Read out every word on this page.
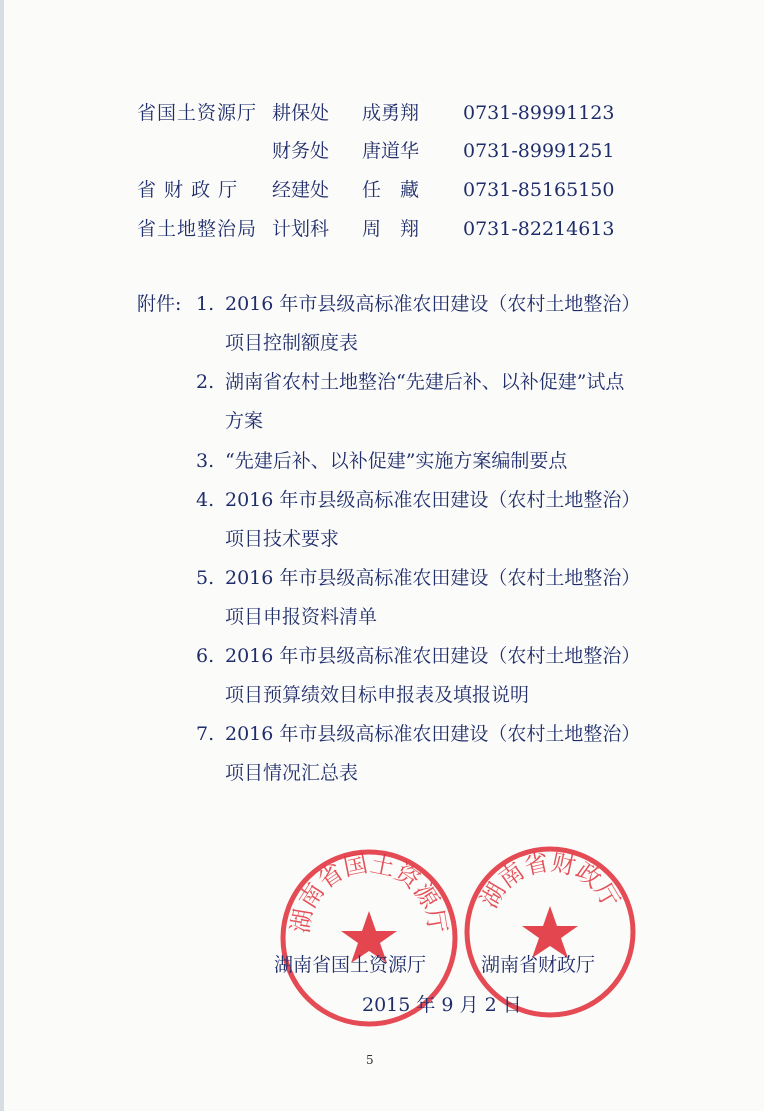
省国土资源厅 耕保处 成勇翔 0731-89991123
财务处 唐道华 0731-89991251
省 财 政 厅 经建处 任　藏 0731-85165150
省土地整治局 计划科 周　翔 0731-82214613
附件: 1. 2016 年市县级高标准农田建设（农村土地整治）
项目控制额度表
2. 湖南省农村土地整治“先建后补、以补促建”试点
方案
3. “先建后补、以补促建”实施方案编制要点
4. 2016 年市县级高标准农田建设（农村土地整治）
项目技术要求
5. 2016 年市县级高标准农田建设（农村土地整治）
项目申报资料清单
6. 2016 年市县级高标准农田建设（农村土地整治）
项目预算绩效目标申报表及填报说明
7. 2016 年市县级高标准农田建设（农村土地整治）
项目情况汇总表
湖南省国土资源厅
湖南省财政厅
湖南省国土资源厅	湖南省财政厅
2015 年 9 月 2 日
5
